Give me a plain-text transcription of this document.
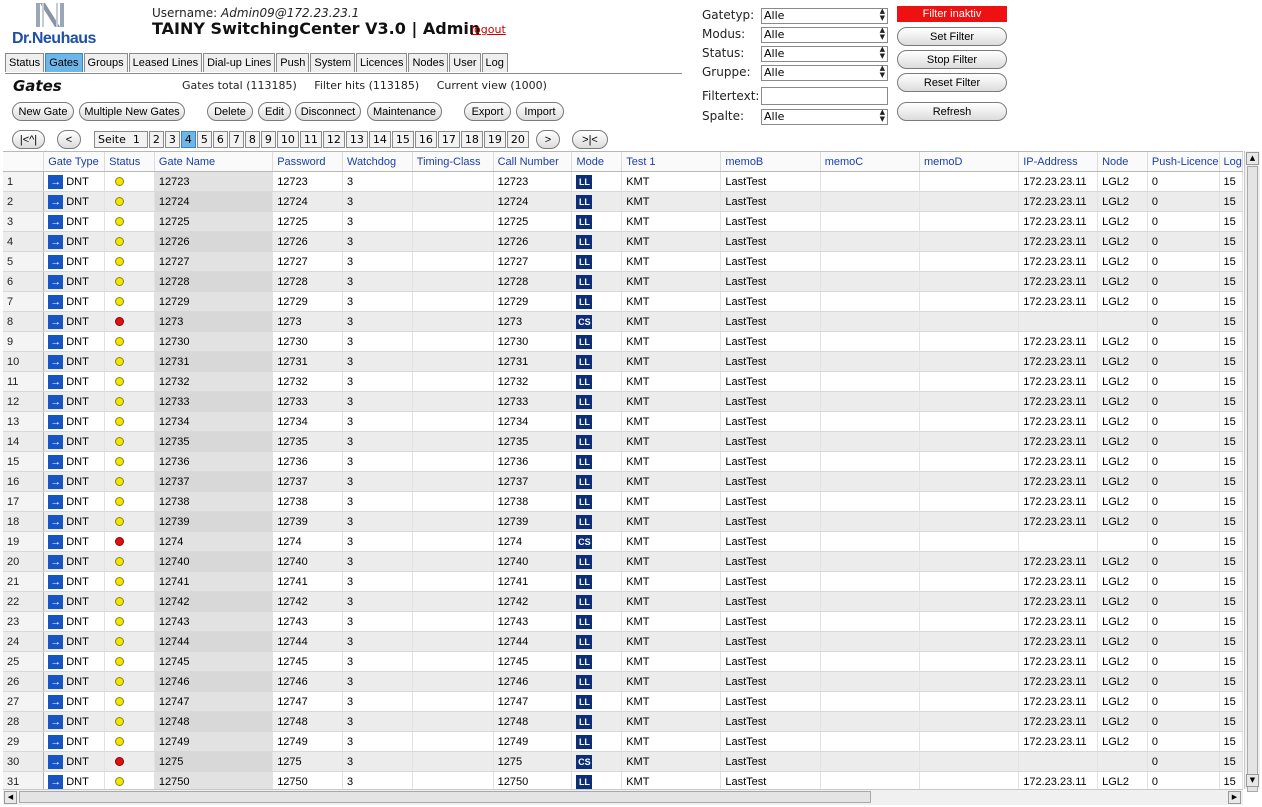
Dr.Neuhaus
Username: Admin09@172.23.23.1
TAINY SwitchingCenter V3.0 | Admin
logout
Status Gates Groups Leased Lines Dial-up Lines Push System Licences Nodes User Log
Gates	Gates total (113185) Filter hits (113185) Current view (1000)
New Gate	Multiple New Gates	Delete	Edit	Disconnect	Maintenance	Export	Import
|<^|	<	Seite 1	2 3 4 5 6 7 8 9 10 11 12 13 14 15 16 17 18 19 20	>	>|<
Gatetyp: Alle	▲
▼
Modus: Alle	▲
▼
Status: Alle	▲
▼
Gruppe: Alle	▲
▼
Filtertext:
Spalte: Alle	▲
▼
Filter inaktiv
Set Filter
Stop Filter
Reset Filter
Refresh
	Gate Type	Status	Gate Name	Password	Watchdog	Timing-Class	Call Number	Mode	Test 1	memoB	memoC	memoD	IP-Address	Node	Push-Licence	Log
1	→ DNT		12723	12723	3		12723	LL	KMT	LastTest			172.23.23.11	LGL2	0	15
2	→ DNT		12724	12724	3		12724	LL	KMT	LastTest			172.23.23.11	LGL2	0	15
3	→ DNT		12725	12725	3		12725	LL	KMT	LastTest			172.23.23.11	LGL2	0	15
4	→ DNT		12726	12726	3		12726	LL	KMT	LastTest			172.23.23.11	LGL2	0	15
5	→ DNT		12727	12727	3		12727	LL	KMT	LastTest			172.23.23.11	LGL2	0	15
6	→ DNT		12728	12728	3		12728	LL	KMT	LastTest			172.23.23.11	LGL2	0	15
7	→ DNT		12729	12729	3		12729	LL	KMT	LastTest			172.23.23.11	LGL2	0	15
8	→ DNT		1273	1273	3		1273	CS	KMT	LastTest					0	15
9	→ DNT		12730	12730	3		12730	LL	KMT	LastTest			172.23.23.11	LGL2	0	15
10	→ DNT		12731	12731	3		12731	LL	KMT	LastTest			172.23.23.11	LGL2	0	15
11	→ DNT		12732	12732	3		12732	LL	KMT	LastTest			172.23.23.11	LGL2	0	15
12	→ DNT		12733	12733	3		12733	LL	KMT	LastTest			172.23.23.11	LGL2	0	15
13	→ DNT		12734	12734	3		12734	LL	KMT	LastTest			172.23.23.11	LGL2	0	15
14	→ DNT		12735	12735	3		12735	LL	KMT	LastTest			172.23.23.11	LGL2	0	15
15	→ DNT		12736	12736	3		12736	LL	KMT	LastTest			172.23.23.11	LGL2	0	15
16	→ DNT		12737	12737	3		12737	LL	KMT	LastTest			172.23.23.11	LGL2	0	15
17	→ DNT		12738	12738	3		12738	LL	KMT	LastTest			172.23.23.11	LGL2	0	15
18	→ DNT		12739	12739	3		12739	LL	KMT	LastTest			172.23.23.11	LGL2	0	15
19	→ DNT		1274	1274	3		1274	CS	KMT	LastTest					0	15
20	→ DNT		12740	12740	3		12740	LL	KMT	LastTest			172.23.23.11	LGL2	0	15
21	→ DNT		12741	12741	3		12741	LL	KMT	LastTest			172.23.23.11	LGL2	0	15
22	→ DNT		12742	12742	3		12742	LL	KMT	LastTest			172.23.23.11	LGL2	0	15
23	→ DNT		12743	12743	3		12743	LL	KMT	LastTest			172.23.23.11	LGL2	0	15
24	→ DNT		12744	12744	3		12744	LL	KMT	LastTest			172.23.23.11	LGL2	0	15
25	→ DNT		12745	12745	3		12745	LL	KMT	LastTest			172.23.23.11	LGL2	0	15
26	→ DNT		12746	12746	3		12746	LL	KMT	LastTest			172.23.23.11	LGL2	0	15
27	→ DNT		12747	12747	3		12747	LL	KMT	LastTest			172.23.23.11	LGL2	0	15
28	→ DNT		12748	12748	3		12748	LL	KMT	LastTest			172.23.23.11	LGL2	0	15
29	→ DNT		12749	12749	3		12749	LL	KMT	LastTest			172.23.23.11	LGL2	0	15
30	→ DNT		1275	1275	3		1275	CS	KMT	LastTest					0	15
31	→ DNT		12750	12750	3		12750	LL	KMT	LastTest			172.23.23.11	LGL2	0	15
▲
▼
◀	▶
